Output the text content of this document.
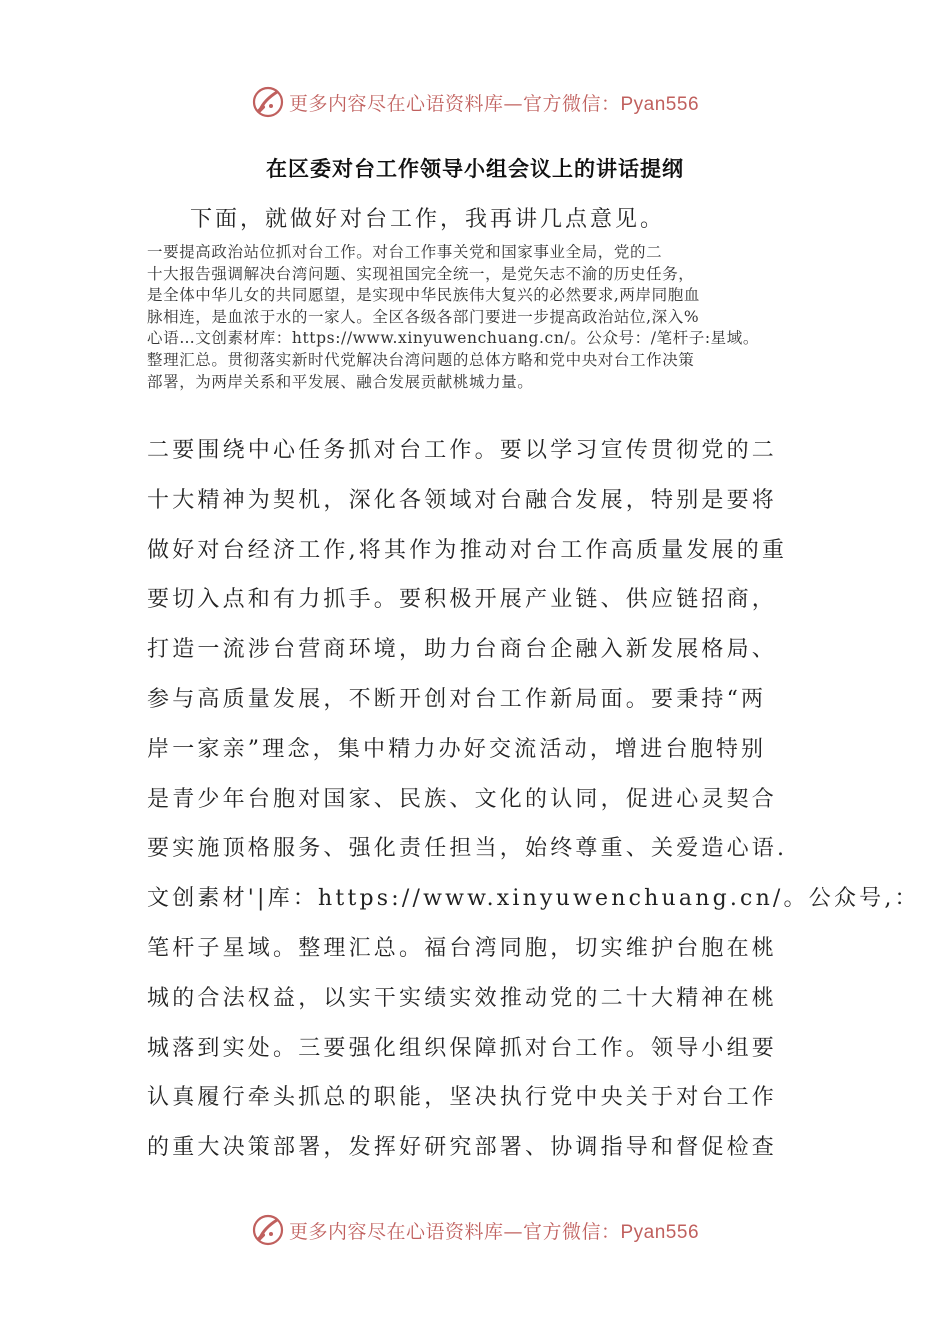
更多内容尽在心语资料库—官方微信：Pyan556
在区委对台工作领导小组会议上的讲话提纲
下面，就做好对台工作，我再讲几点意见。
一要提高政治站位抓对台工作。对台工作事关党和国家事业全局，党的二
十大报告强调解决台湾问题、实现祖国完全统一，是党矢志不渝的历史任务，
是全体中华儿女的共同愿望，是实现中华民族伟大复兴的必然要求,两岸同胞血
脉相连，是血浓于水的一家人。全区各级各部门要进一步提高政治站位,深入%
心语…文创素材库：https://www.xinyuwenchuang.cn/。公众号：/笔杆子:星域。
整理汇总。贯彻落实新时代党解决台湾问题的总体方略和党中央对台工作决策
部署，为两岸关系和平发展、融合发展贡献桃城力量。
二要围绕中心任务抓对台工作。要以学习宣传贯彻党的二
十大精神为契机，深化各领域对台融合发展，特别是要将
做好对台经济工作,将其作为推动对台工作高质量发展的重
要切入点和有力抓手。要积极开展产业链、供应链招商，
打造一流涉台营商环境，助力台商台企融入新发展格局、
参与高质量发展，不断开创对台工作新局面。要秉持“两
岸一家亲”理念，集中精力办好交流活动，增进台胞特别
是青少年台胞对国家、民族、文化的认同，促进心灵契合
要实施顶格服务、强化责任担当，始终尊重、关爱造心语.
文创素材'|库：https://www.xinyuwenchuang.cn/。公众号,：
笔杆子星域。整理汇总。福台湾同胞，切实维护台胞在桃
城的合法权益，以实干实绩实效推动党的二十大精神在桃
城落到实处。三要强化组织保障抓对台工作。领导小组要
认真履行牵头抓总的职能，坚决执行党中央关于对台工作
的重大决策部署，发挥好研究部署、协调指导和督促检查
更多内容尽在心语资料库—官方微信：Pyan556
